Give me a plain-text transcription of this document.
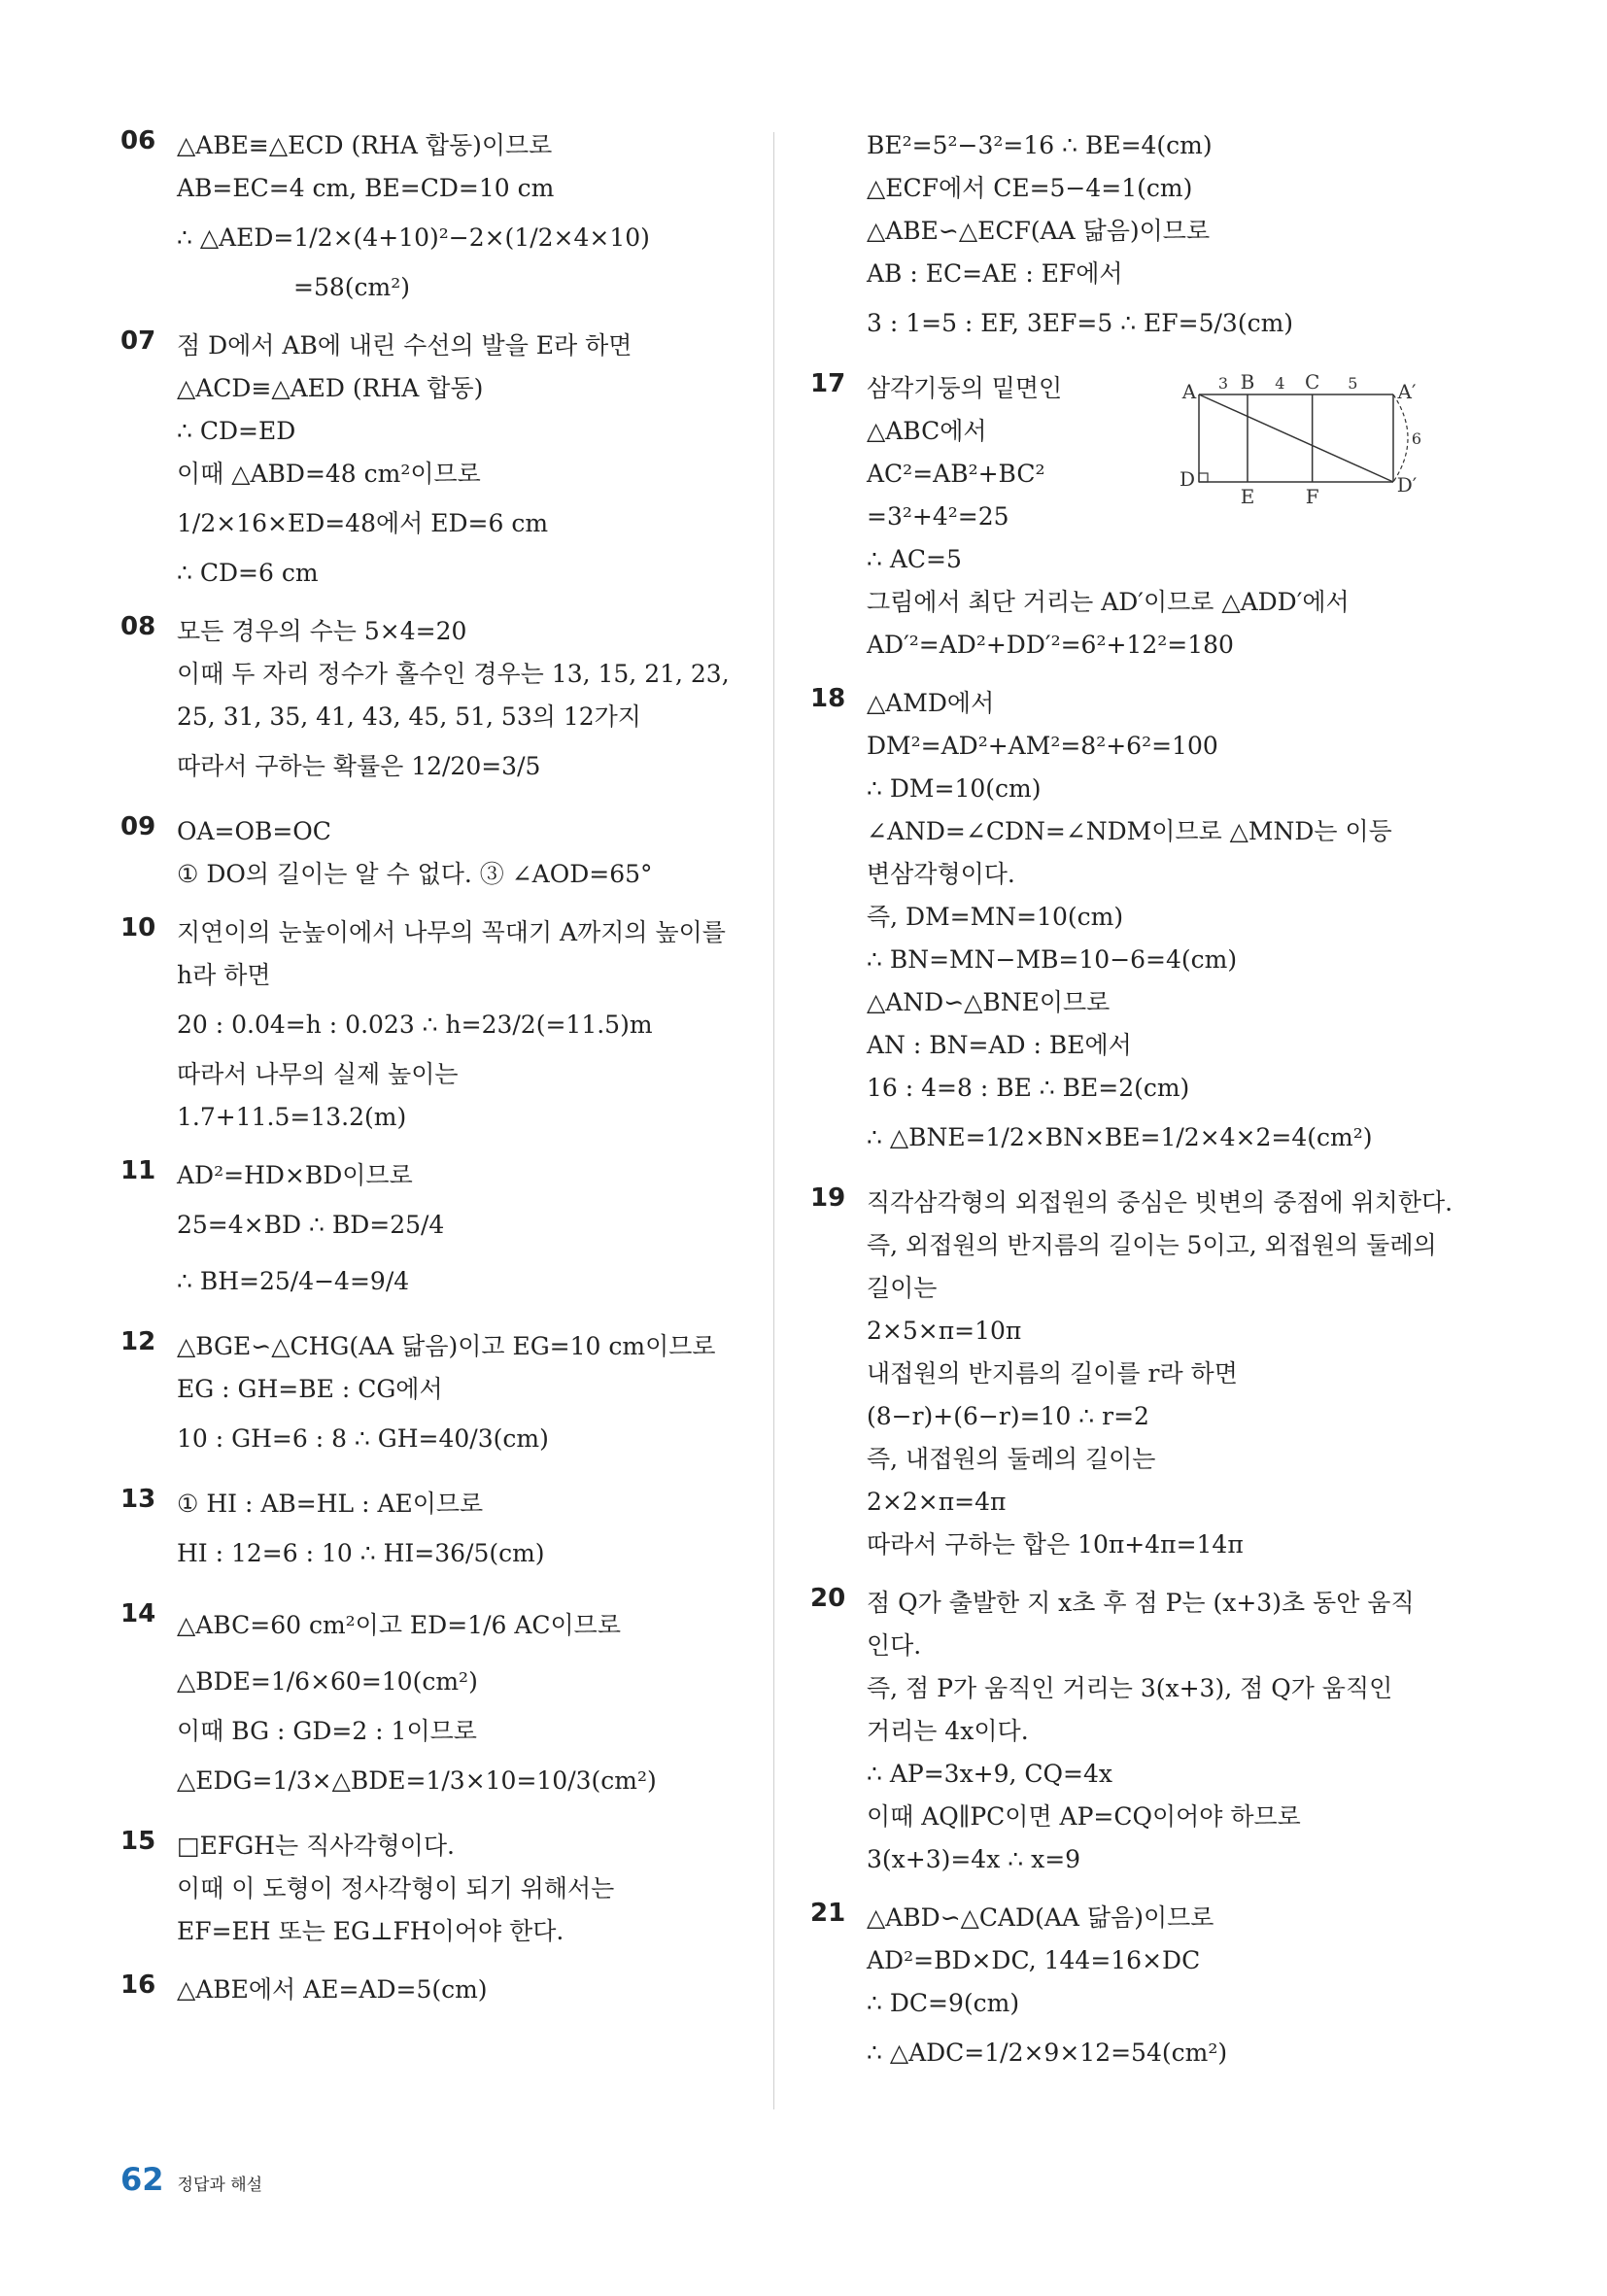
06 △ABE≡△ECD (RHA 합동)이므로
AB=EC=4 cm, BE=CD=10 cm
∴ △AED=1/2×(4+10)²−2×(1/2×4×10)
=58(cm²)
07 점 D에서 AB에 내린 수선의 발을 E라 하면
△ACD≡△AED (RHA 합동)
∴ CD=ED
이때 △ABD=48 cm²이므로
1/2×16×ED=48에서 ED=6 cm
∴ CD=6 cm
08 모든 경우의 수는 5×4=20
이때 두 자리 정수가 홀수인 경우는 13, 15, 21, 23,
25, 31, 35, 41, 43, 45, 51, 53의 12가지
따라서 구하는 확률은 12/20=3/5
09 OA=OB=OC
① DO의 길이는 알 수 없다. ③ ∠AOD=65°
10 지연이의 눈높이에서 나무의 꼭대기 A까지의 높이를
h라 하면
20 : 0.04=h : 0.023 ∴ h=23/2(=11.5)m
따라서 나무의 실제 높이는
1.7+11.5=13.2(m)
11 AD²=HD×BD이므로
25=4×BD ∴ BD=25/4
∴ BH=25/4−4=9/4
12 △BGE∽△CHG(AA 닮음)이고 EG=10 cm이므로
EG : GH=BE : CG에서
10 : GH=6 : 8 ∴ GH=40/3(cm)
13 ① HI : AB=HL : AE이므로
HI : 12=6 : 10 ∴ HI=36/5(cm)
14 △ABC=60 cm²이고 ED=1/6 AC이므로
△BDE=1/6×60=10(cm²)
이때 BG : GD=2 : 1이므로
△EDG=1/3×△BDE=1/3×10=10/3(cm²)
15 □EFGH는 직사각형이다.
이때 이 도형이 정사각형이 되기 위해서는
EF=EH 또는 EG⊥FH이어야 한다.
16 △ABE에서 AE=AD=5(cm)
BE²=5²−3²=16 ∴ BE=4(cm)
△ECF에서 CE=5−4=1(cm)
△ABE∽△ECF(AA 닮음)이므로
AB : EC=AE : EF에서
3 : 1=5 : EF, 3EF=5 ∴ EF=5/3(cm)
17 삼각기둥의 밑면인
△ABC에서
AC²=AB²+BC²
=3²+4²=25
∴ AC=5
그림에서 최단 거리는 AD′이므로 △ADD′에서
AD′²=AD²+DD′²=6²+12²=180
A B	C	A′
D
E	F	D′
3	4	5
6
18 △AMD에서
DM²=AD²+AM²=8²+6²=100
∴ DM=10(cm)
∠AND=∠CDN=∠NDM이므로 △MND는 이등
변삼각형이다.
즉, DM=MN=10(cm)
∴ BN=MN−MB=10−6=4(cm)
△AND∽△BNE이므로
AN : BN=AD : BE에서
16 : 4=8 : BE ∴ BE=2(cm)
∴ △BNE=1/2×BN×BE=1/2×4×2=4(cm²)
19 직각삼각형의 외접원의 중심은 빗변의 중점에 위치한다.
즉, 외접원의 반지름의 길이는 5이고, 외접원의 둘레의
길이는
2×5×π=10π
내접원의 반지름의 길이를 r라 하면
(8−r)+(6−r)=10 ∴ r=2
즉, 내접원의 둘레의 길이는
2×2×π=4π
따라서 구하는 합은 10π+4π=14π
20 점 Q가 출발한 지 x초 후 점 P는 (x+3)초 동안 움직
인다.
즉, 점 P가 움직인 거리는 3(x+3), 점 Q가 움직인
거리는 4x이다.
∴ AP=3x+9, CQ=4x
이때 AQ∥PC이면 AP=CQ이어야 하므로
3(x+3)=4x ∴ x=9
21 △ABD∽△CAD(AA 닮음)이므로
AD²=BD×DC, 144=16×DC
∴ DC=9(cm)
∴ △ADC=1/2×9×12=54(cm²)
62 정답과 해설
